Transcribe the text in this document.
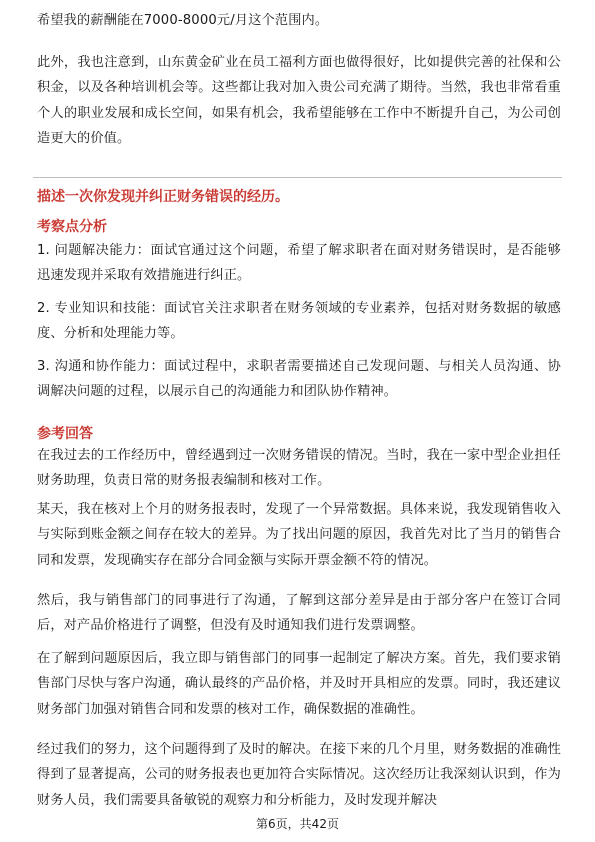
希望我的薪酬能在7000-8000元/月这个范围内。

此外，我也注意到，山东黄金矿业在员工福利方面也做得很好，比如提供完善的社保和公积金，以及各种培训机会等。这些都让我对加入贵公司充满了期待。当然，我也非常看重个人的职业发展和成长空间，如果有机会，我希望能够在工作中不断提升自己，为公司创造更大的价值。

描述一次你发现并纠正财务错误的经历。

考察点分析

1. 问题解决能力：面试官通过这个问题，希望了解求职者在面对财务错误时，是否能够迅速发现并采取有效措施进行纠正。

2. 专业知识和技能：面试官关注求职者在财务领域的专业素养，包括对财务数据的敏感度、分析和处理能力等。

3. 沟通和协作能力：面试过程中，求职者需要描述自己发现问题、与相关人员沟通、协调解决问题的过程，以展示自己的沟通能力和团队协作精神。

参考回答

在我过去的工作经历中，曾经遇到过一次财务错误的情况。当时，我在一家中型企业担任财务助理，负责日常的财务报表编制和核对工作。

某天，我在核对上个月的财务报表时，发现了一个异常数据。具体来说，我发现销售收入与实际到账金额之间存在较大的差异。为了找出问题的原因，我首先对比了当月的销售合同和发票，发现确实存在部分合同金额与实际开票金额不符的情况。

然后，我与销售部门的同事进行了沟通，了解到这部分差异是由于部分客户在签订合同后，对产品价格进行了调整，但没有及时通知我们进行发票调整。

在了解到问题原因后，我立即与销售部门的同事一起制定了解决方案。首先，我们要求销售部门尽快与客户沟通，确认最终的产品价格，并及时开具相应的发票。同时，我还建议财务部门加强对销售合同和发票的核对工作，确保数据的准确性。

经过我们的努力，这个问题得到了及时的解决。在接下来的几个月里，财务数据的准确性得到了显著提高，公司的财务报表也更加符合实际情况。这次经历让我深刻认识到，作为财务人员，我们需要具备敏锐的观察力和分析能力，及时发现并解决

第6页，共42页
